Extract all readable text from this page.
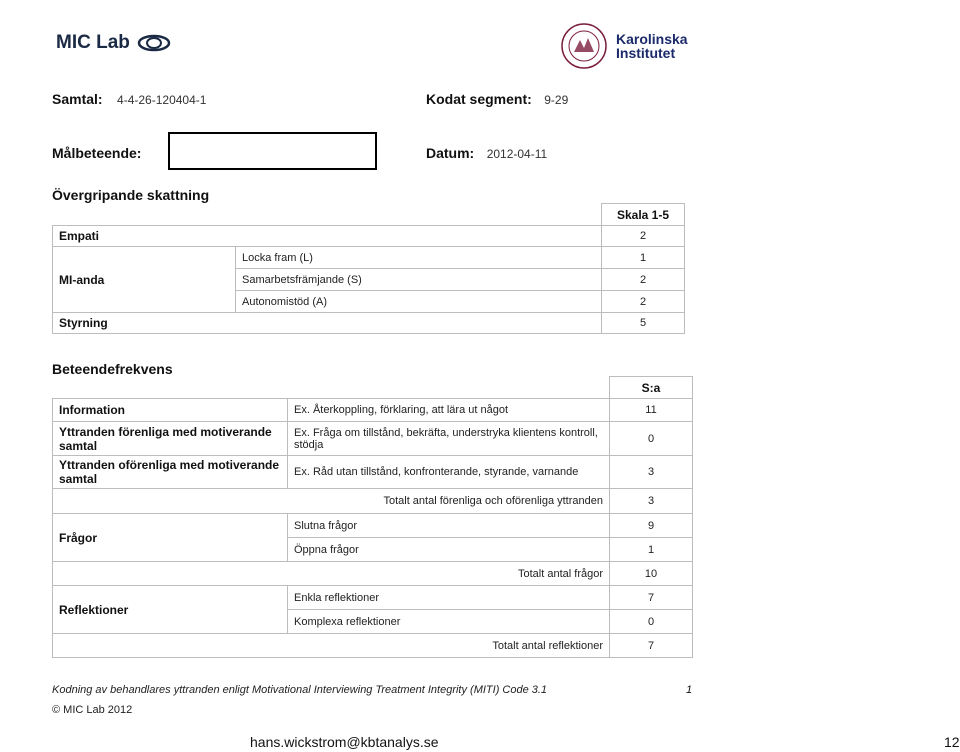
MIC Lab	Karolinska
Institutet
Samtal: 4-4-26-120404-1	Kodat segment: 9-29
Målbeteende:	Datum: 2012-04-11
Övergripande skattning
		Skala 1-5
Empati		2
MI-anda	Locka fram (L)	1
	Samarbetsfrämjande (S)	2
	Autonomistöd (A)	2
Styrning		5
Beteendefrekvens
		S:a
Information	Ex. Återkoppling, förklaring, att lära ut något	11
Yttranden förenliga med motiverande samtal	Ex. Fråga om tillstånd, bekräfta, understryka klientens kontroll, stödja	0
Yttranden oförenliga med motiverande samtal	Ex. Råd utan tillstånd, konfronterande, styrande, varnande	3
Totalt antal förenliga och oförenliga yttranden		3
Frågor	Slutna frågor	9
	Öppna frågor	1
Totalt antal frågor		10
Reflektioner	Enkla reflektioner	7
	Komplexa reflektioner	0
Totalt antal reflektioner		7
Kodning av behandlares yttranden enligt Motivational Interviewing Treatment Integrity (MITI) Code 3.1	1
© MIC Lab 2012
hans.wickstrom@kbtanalys.se	12
